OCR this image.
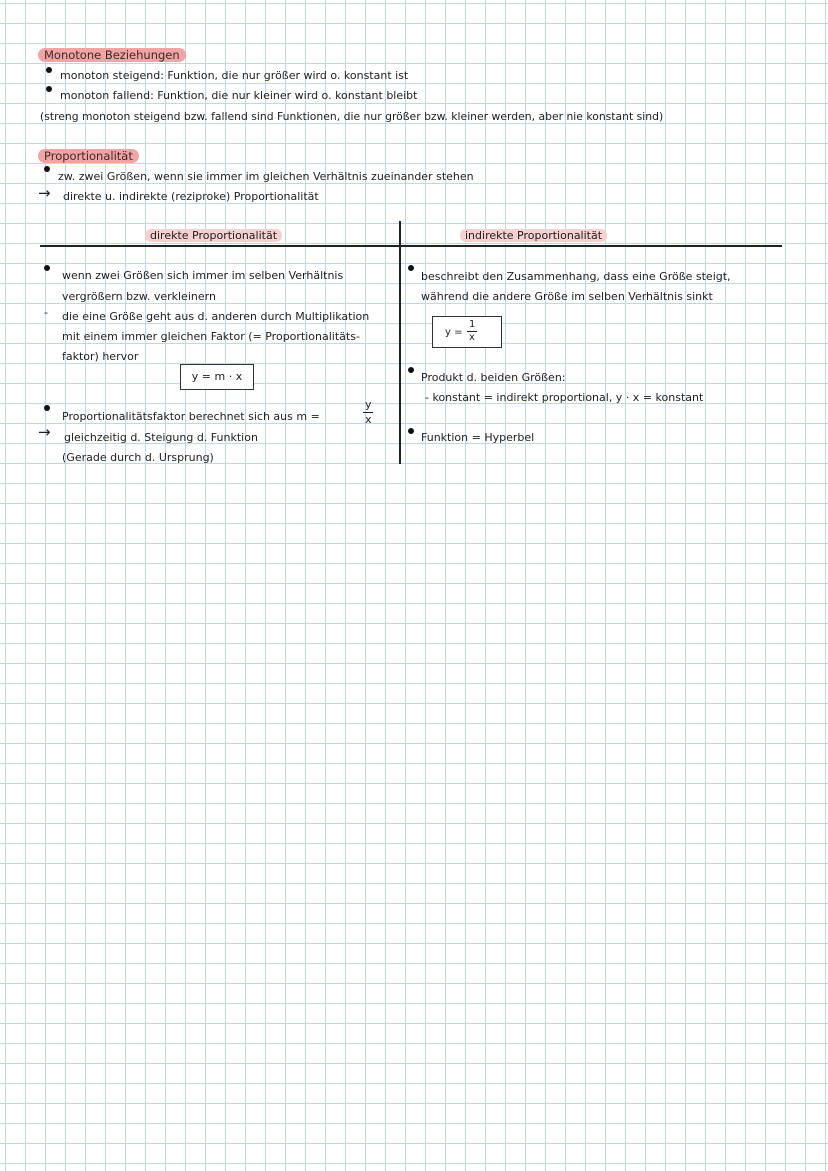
Monotone Beziehungen
monoton steigend: Funktion, die nur größer wird o. konstant ist
monoton fallend: Funktion, die nur kleiner wird o. konstant bleibt
(streng monoton steigend bzw. fallend sind Funktionen, die nur größer bzw. kleiner werden, aber nie konstant sind)
Proportionalität
zw. zwei Größen, wenn sie immer im gleichen Verhältnis zueinander stehen
→ direkte u. indirekte (reziproke) Proportionalität
direkte Proportionalität
wenn zwei Größen sich immer im selben Verhältnis
vergrößern bzw. verkleinern
- die eine Größe geht aus d. anderen durch Multiplikation
mit einem immer gleichen Faktor (= Proportionalitäts-
faktor) hervor
y = m · x
Proportionalitätsfaktor berechnet sich aus m =
y
x
→ gleichzeitig d. Steigung d. Funktion
(Gerade durch d. Ursprung)
indirekte Proportionalität
beschreibt den Zusammenhang, dass eine Größe steigt,
während die andere Größe im selben Verhältnis sinkt
y =
1
x
Produkt d. beiden Größen:
- konstant = indirekt proportional, y · x = konstant
Funktion = Hyperbel
